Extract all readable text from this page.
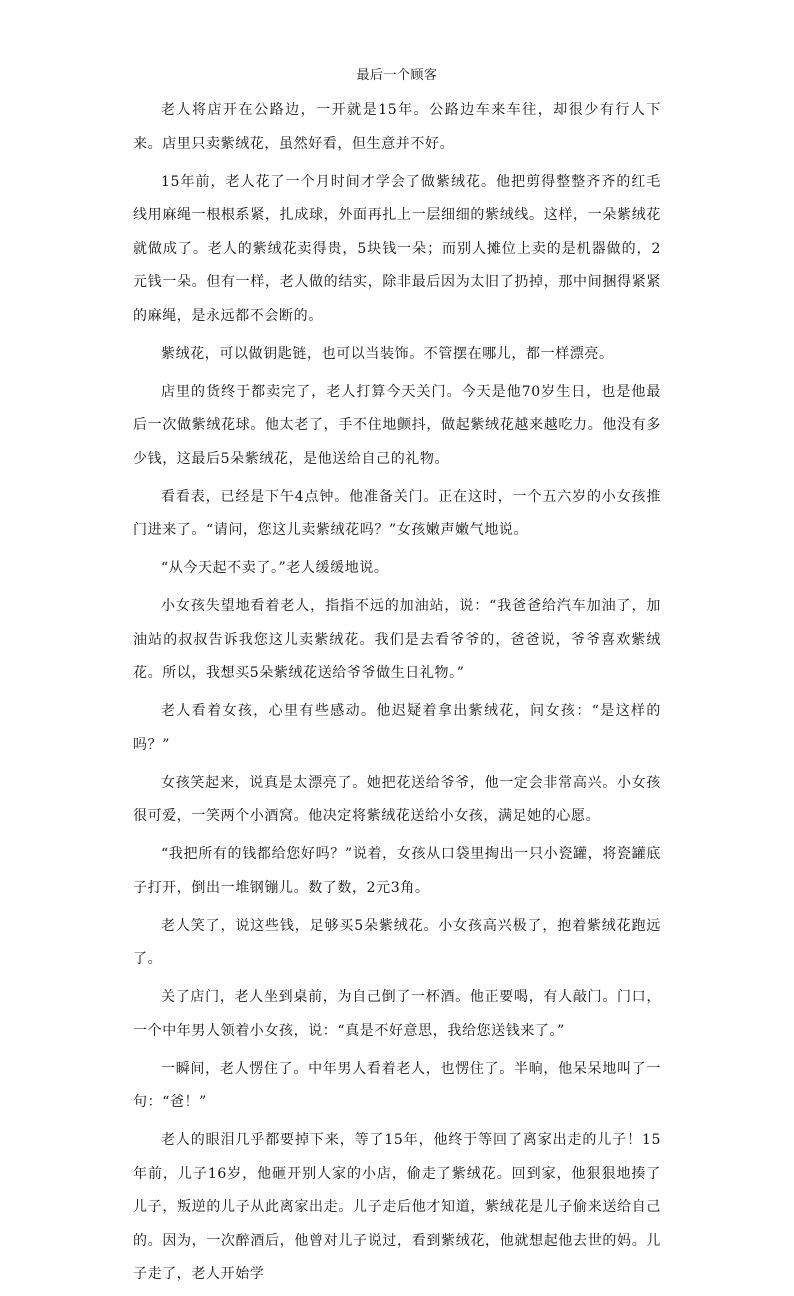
最后一个顾客

老人将店开在公路边，一开就是15年。公路边车来车往，却很少有行人下来。店里只卖紫绒花，虽然好看，但生意并不好。

15年前，老人花了一个月时间才学会了做紫绒花。他把剪得整整齐齐的红毛线用麻绳一根根系紧，扎成球，外面再扎上一层细细的紫绒线。这样，一朵紫绒花就做成了。老人的紫绒花卖得贵，5块钱一朵；而别人摊位上卖的是机器做的，2元钱一朵。但有一样，老人做的结实，除非最后因为太旧了扔掉，那中间捆得紧紧的麻绳，是永远都不会断的。

紫绒花，可以做钥匙链，也可以当装饰。不管摆在哪儿，都一样漂亮。

店里的货终于都卖完了，老人打算今天关门。今天是他70岁生日，也是他最后一次做紫绒花球。他太老了，手不住地颤抖，做起紫绒花越来越吃力。他没有多少钱，这最后5朵紫绒花，是他送给自己的礼物。

看看表，已经是下午4点钟。他准备关门。正在这时，一个五六岁的小女孩推门进来了。“请问，您这儿卖紫绒花吗？”女孩嫩声嫩气地说。

“从今天起不卖了。”老人缓缓地说。

小女孩失望地看着老人，指指不远的加油站，说：“我爸爸给汽车加油了，加油站的叔叔告诉我您这儿卖紫绒花。我们是去看爷爷的，爸爸说，爷爷喜欢紫绒花。所以，我想买5朵紫绒花送给爷爷做生日礼物。”

老人看着女孩，心里有些感动。他迟疑着拿出紫绒花，问女孩：“是这样的吗？”

女孩笑起来，说真是太漂亮了。她把花送给爷爷，他一定会非常高兴。小女孩很可爱，一笑两个小酒窝。他决定将紫绒花送给小女孩，满足她的心愿。

“我把所有的钱都给您好吗？”说着，女孩从口袋里掏出一只小瓷罐，将瓷罐底子打开，倒出一堆钢镚儿。数了数，2元3角。

老人笑了，说这些钱，足够买5朵紫绒花。小女孩高兴极了，抱着紫绒花跑远了。

关了店门，老人坐到桌前，为自己倒了一杯酒。他正要喝，有人敲门。门口，一个中年男人领着小女孩，说：“真是不好意思，我给您送钱来了。”

一瞬间，老人愣住了。中年男人看着老人，也愣住了。半晌，他呆呆地叫了一句：“爸！”

老人的眼泪几乎都要掉下来，等了15年，他终于等回了离家出走的儿子！15年前，儿子16岁，他砸开别人家的小店，偷走了紫绒花。回到家，他狠狠地揍了儿子，叛逆的儿子从此离家出走。儿子走后他才知道，紫绒花是儿子偷来送给自己的。因为，一次醉酒后，他曾对儿子说过，看到紫绒花，他就想起他去世的妈。儿子走了，老人开始学
